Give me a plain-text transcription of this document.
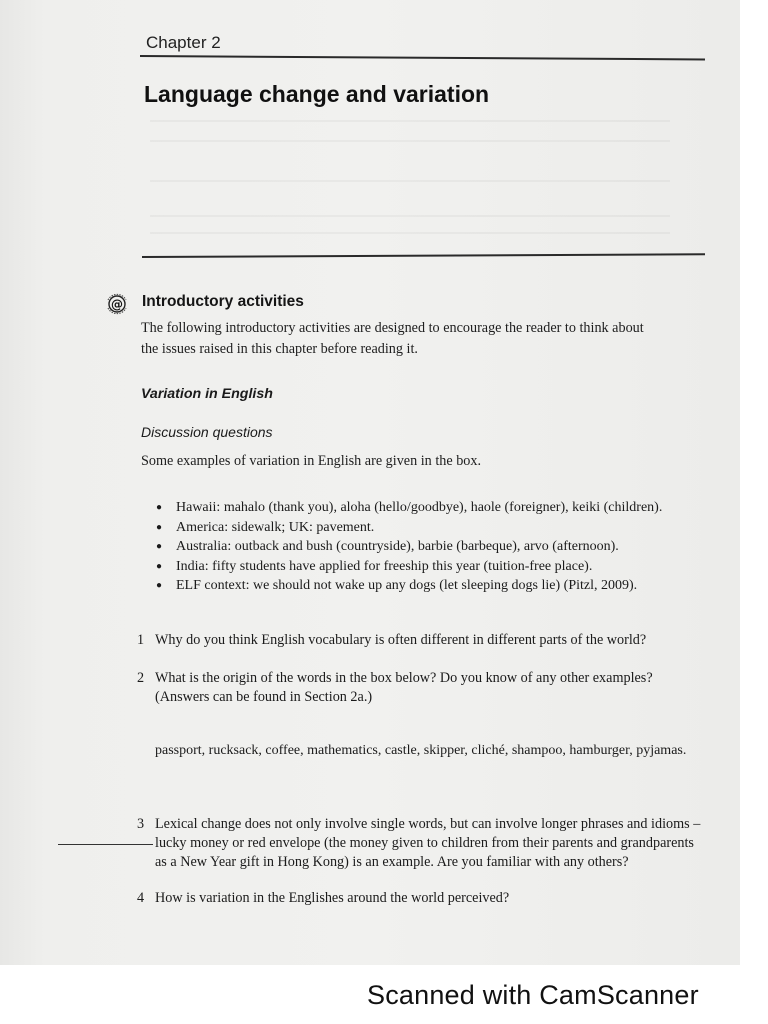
Chapter 2
Language change and variation
@ Introductory activities
The following introductory activities are designed to encourage the reader to think about
the issues raised in this chapter before reading it.
Variation in English
Discussion questions
Some examples of variation in English are given in the box.
● Hawaii: mahalo (thank you), aloha (hello/goodbye), haole (foreigner), keiki (children).
● America: sidewalk; UK: pavement.
● Australia: outback and bush (countryside), barbie (barbeque), arvo (afternoon).
● India: fifty students have applied for freeship this year (tuition-free place).
● ELF context: we should not wake up any dogs (let sleeping dogs lie) (Pitzl, 2009).
1 Why do you think English vocabulary is often different in different parts of the world?
2 What is the origin of the words in the box below? Do you know of any other examples? (Answers can be found in Section 2a.)
passport, rucksack, coffee, mathematics, castle, skipper, cliché, shampoo, hamburger, pyjamas.
3 Lexical change does not only involve single words, but can involve longer phrases and idioms – lucky money or red envelope (the money given to children from their parents and grandparents as a New Year gift in Hong Kong) is an example. Are you familiar with any others?
4 How is variation in the Englishes around the world perceived?
Scanned with CamScanner
